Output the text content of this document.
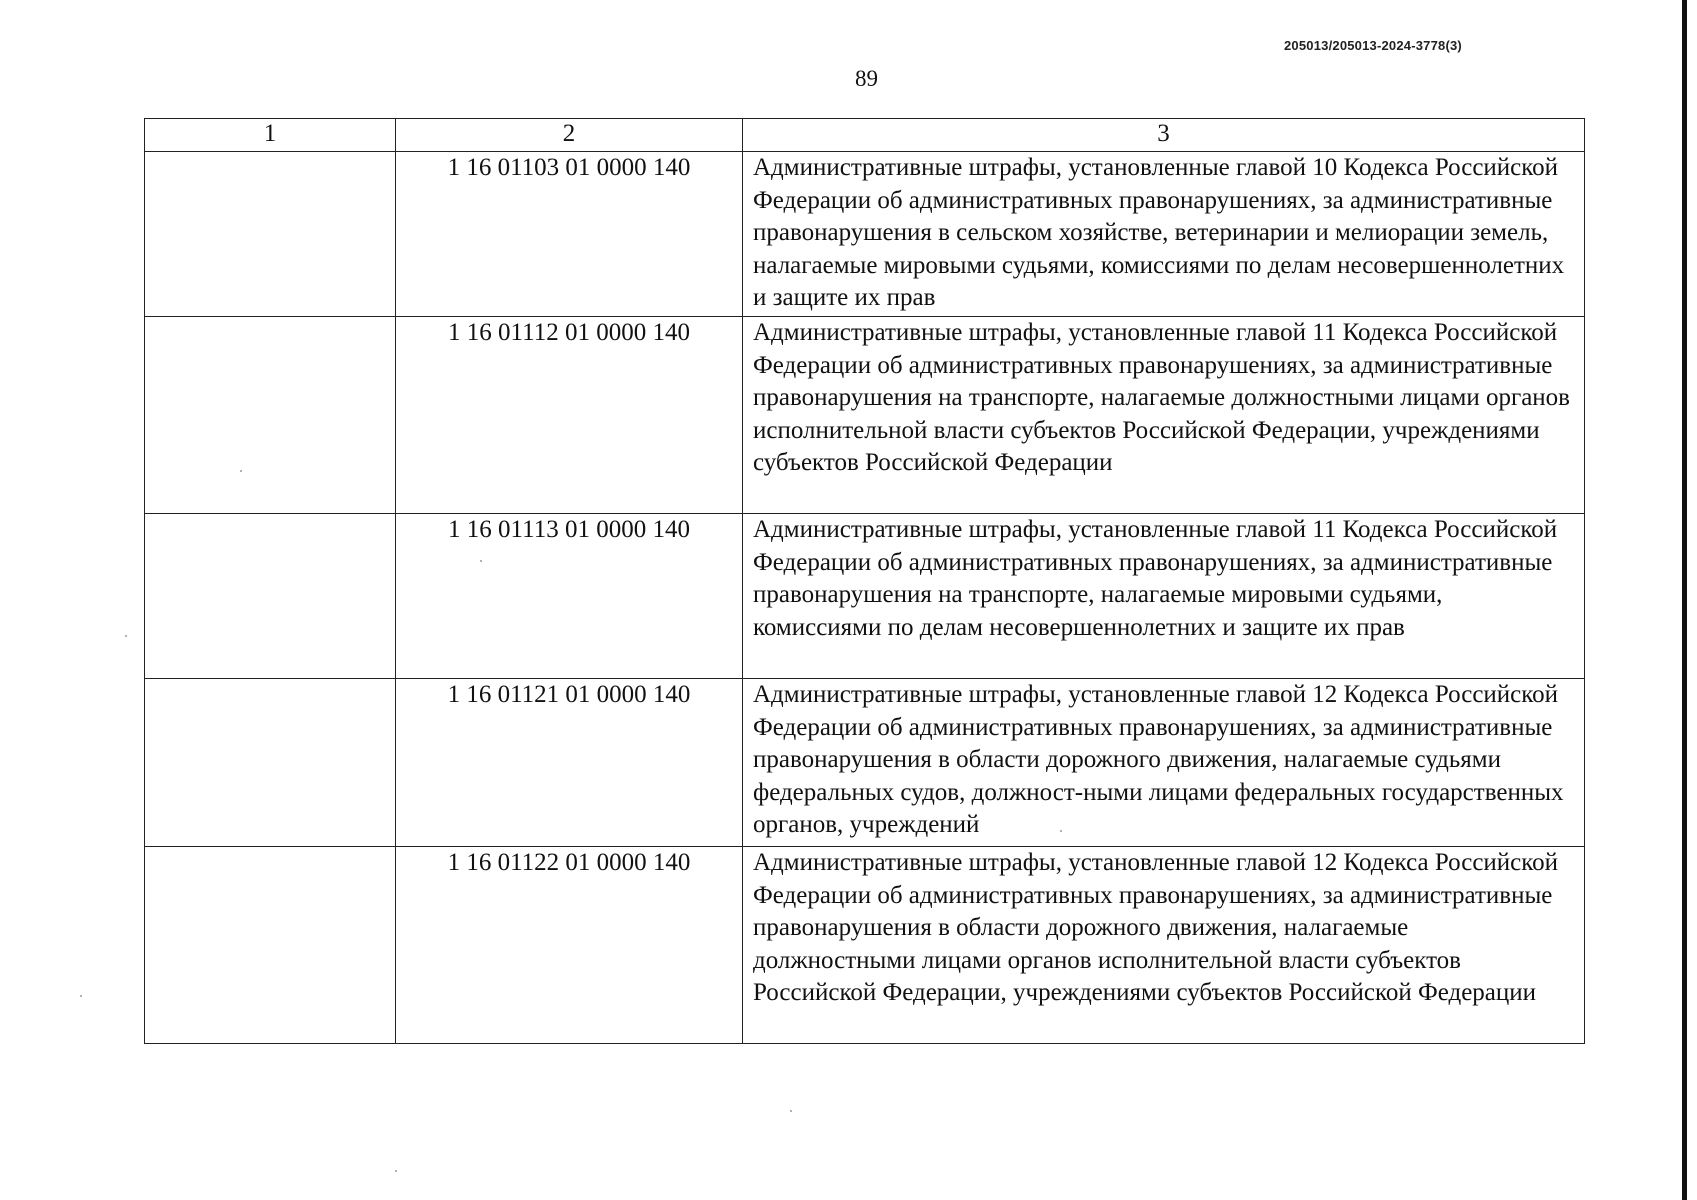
205013/205013-2024-3778(3)
89
1	2	3
	1 16 01103 01 0000 140	Административные штрафы, установленные главой 10 Кодекса Российской Федерации об административных правонарушениях, за административные правонарушения в сельском хозяйстве, ветеринарии и мелиорации земель, налагаемые мировыми судьями, комиссиями по делам несовершеннолетних и защите их прав
	1 16 01112 01 0000 140	Административные штрафы, установленные главой 11 Кодекса Российской Федерации об административных правонарушениях, за административные правонарушения на транспорте, налагаемые должностными лицами органов исполнительной власти субъектов Российской Федерации, учреждениями субъектов Российской Федерации
	1 16 01113 01 0000 140	Административные штрафы, установленные главой 11 Кодекса Российской Федерации об административных правонарушениях, за административные правонарушения на транспорте, налагаемые мировыми судьями, комиссиями по делам несовершеннолетних и защите их прав
	1 16 01121 01 0000 140	Административные штрафы, установленные главой 12 Кодекса Российской Федерации об административных правонарушениях, за административные правонарушения в области дорожного движения, налагаемые судьями федеральных судов, должност-ными лицами федеральных государственных органов, учреждений
	1 16 01122 01 0000 140	Административные штрафы, установленные главой 12 Кодекса Российской Федерации об административных правонарушениях, за административные правонарушения в области дорожного движения, налагаемые должностными лицами органов исполнительной власти субъектов Российской Федерации, учреждениями субъектов Российской Федерации
